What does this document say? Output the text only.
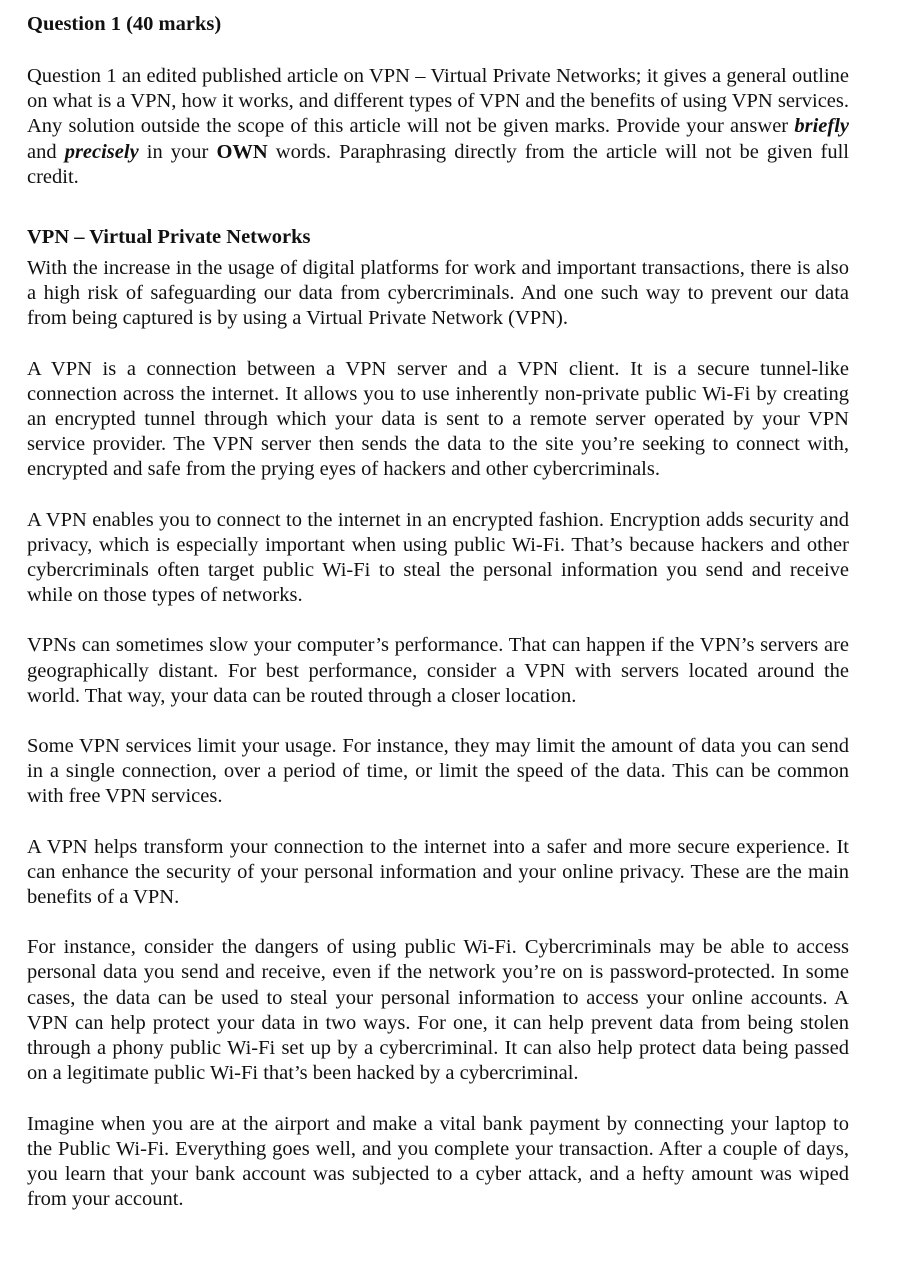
Question 1 (40 marks)

Question 1 an edited published article on VPN – Virtual Private Networks; it gives a general outline on what is a VPN, how it works, and different types of VPN and the benefits of using VPN services. Any solution outside the scope of this article will not be given marks. Provide your answer briefly and precisely in your OWN words. Paraphrasing directly from the article will not be given full credit.

VPN – Virtual Private Networks

With the increase in the usage of digital platforms for work and important transactions, there is also a high risk of safeguarding our data from cybercriminals. And one such way to prevent our data from being captured is by using a Virtual Private Network (VPN).

A VPN is a connection between a VPN server and a VPN client. It is a secure tunnel-like connection across the internet. It allows you to use inherently non-private public Wi-Fi by creating an encrypted tunnel through which your data is sent to a remote server operated by your VPN service provider. The VPN server then sends the data to the site you’re seeking to connect with, encrypted and safe from the prying eyes of hackers and other cybercriminals.

A VPN enables you to connect to the internet in an encrypted fashion. Encryption adds security and privacy, which is especially important when using public Wi-Fi. That’s because hackers and other cybercriminals often target public Wi-Fi to steal the personal information you send and receive while on those types of networks.

VPNs can sometimes slow your computer’s performance. That can happen if the VPN’s servers are geographically distant. For best performance, consider a VPN with servers located around the world. That way, your data can be routed through a closer location.

Some VPN services limit your usage. For instance, they may limit the amount of data you can send in a single connection, over a period of time, or limit the speed of the data. This can be common with free VPN services.

A VPN helps transform your connection to the internet into a safer and more secure experience. It can enhance the security of your personal information and your online privacy. These are the main benefits of a VPN.

For instance, consider the dangers of using public Wi-Fi. Cybercriminals may be able to access personal data you send and receive, even if the network you’re on is password-protected. In some cases, the data can be used to steal your personal information to access your online accounts. A VPN can help protect your data in two ways. For one, it can help prevent data from being stolen through a phony public Wi-Fi set up by a cybercriminal. It can also help protect data being passed on a legitimate public Wi-Fi that’s been hacked by a cybercriminal.

Imagine when you are at the airport and make a vital bank payment by connecting your laptop to the Public Wi-Fi. Everything goes well, and you complete your transaction. After a couple of days, you learn that your bank account was subjected to a cyber attack, and a hefty amount was wiped from your account.
